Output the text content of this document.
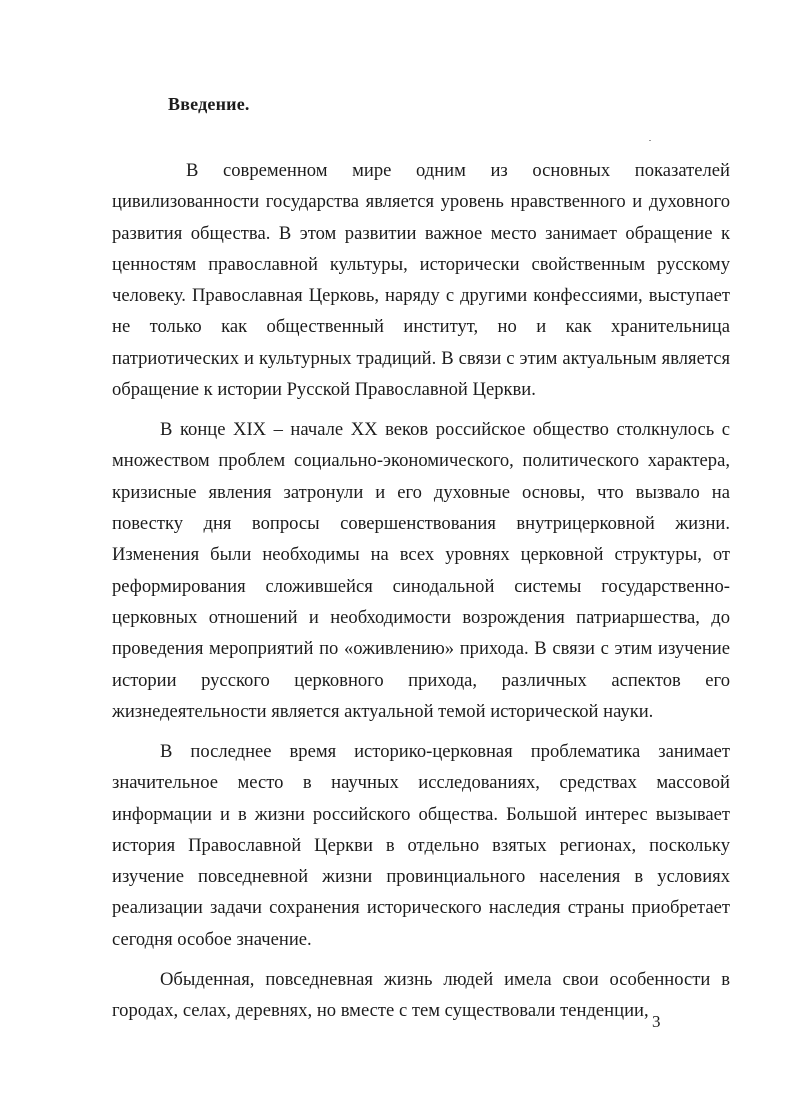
Введение.

В современном мире одним из основных показателей цивилизованности государства является уровень нравственного и духовного развития общества. В этом развитии важное место занимает обращение к ценностям православной культуры, исторически свойственным русскому человеку. Православная Церковь, наряду с другими конфессиями, выступает не только как общественный институт, но и как хранительница патриотических и культурных традиций. В связи с этим актуальным является обращение к истории Русской Православной Церкви.

В конце XIX – начале XX веков российское общество столкнулось с множеством проблем социально-экономического, политического характера, кризисные явления затронули и его духовные основы, что вызвало на повестку дня вопросы совершенствования внутрицерковной жизни. Изменения были необходимы на всех уровнях церковной структуры, от реформирования сложившейся синодальной системы государственно-церковных отношений и необходимости возрождения патриаршества, до проведения мероприятий по «оживлению» прихода. В связи с этим изучение истории русского церковного прихода, различных аспектов его жизнедеятельности является актуальной темой исторической науки.

В последнее время историко-церковная проблематика занимает значительное место в научных исследованиях, средствах массовой информации и в жизни российского общества. Большой интерес вызывает история Православной Церкви в отдельно взятых регионах, поскольку изучение повседневной жизни провинциального населения в условиях реализации задачи сохранения исторического наследия страны приобретает сегодня особое значение.

Обыденная, повседневная жизнь людей имела свои особенности в городах, селах, деревнях, но вместе с тем существовали тенденции,

3
